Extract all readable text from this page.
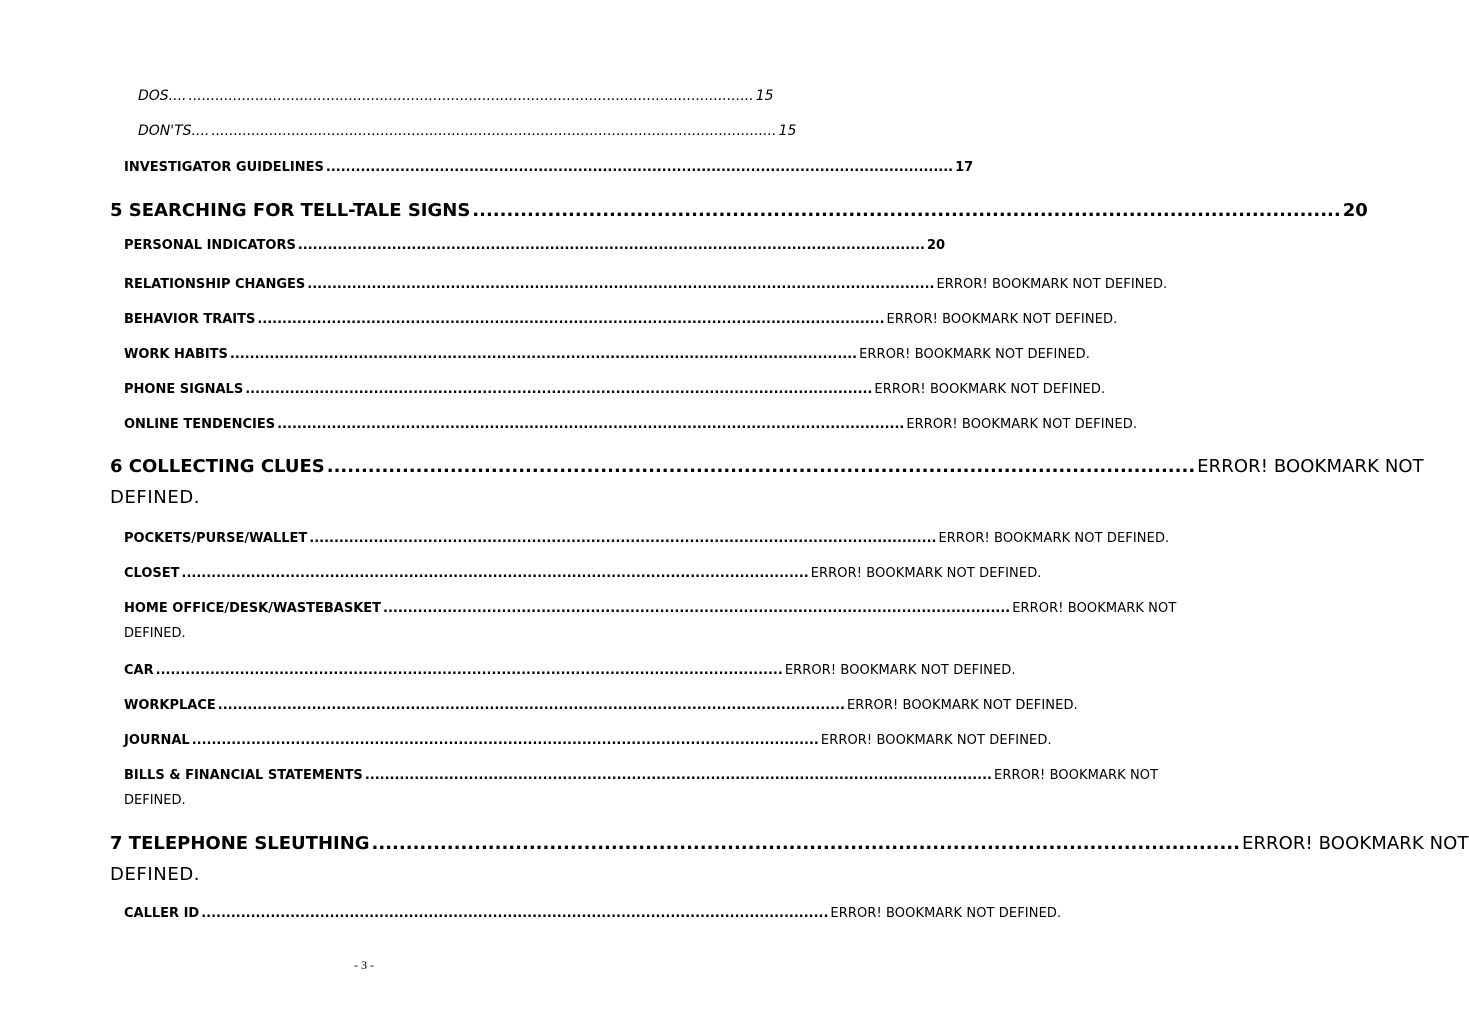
DOS.... ............................................................................................................................... 15
DON'TS.... ............................................................................................................................... 15
INVESTIGATOR GUIDELINES ............................................................................................................................... 17
5 SEARCHING FOR TELL-TALE SIGNS ............................................................................................................................... 20
PERSONAL INDICATORS ............................................................................................................................... 20
RELATIONSHIP CHANGES ............................................................................................................................... ERROR! BOOKMARK NOT DEFINED.
BEHAVIOR TRAITS ............................................................................................................................... ERROR! BOOKMARK NOT DEFINED.
WORK HABITS ............................................................................................................................... ERROR! BOOKMARK NOT DEFINED.
PHONE SIGNALS ............................................................................................................................... ERROR! BOOKMARK NOT DEFINED.
ONLINE TENDENCIES ............................................................................................................................... ERROR! BOOKMARK NOT DEFINED.
6 COLLECTING CLUES ............................................................................................................................... ERROR! BOOKMARK NOT
DEFINED.
POCKETS/PURSE/WALLET ............................................................................................................................... ERROR! BOOKMARK NOT DEFINED.
CLOSET ............................................................................................................................... ERROR! BOOKMARK NOT DEFINED.
HOME OFFICE/DESK/WASTEBASKET ............................................................................................................................... ERROR! BOOKMARK NOT
DEFINED.
CAR ............................................................................................................................... ERROR! BOOKMARK NOT DEFINED.
WORKPLACE ............................................................................................................................... ERROR! BOOKMARK NOT DEFINED.
JOURNAL ............................................................................................................................... ERROR! BOOKMARK NOT DEFINED.
BILLS & FINANCIAL STATEMENTS ............................................................................................................................... ERROR! BOOKMARK NOT
DEFINED.
7 TELEPHONE SLEUTHING ............................................................................................................................... ERROR! BOOKMARK NOT
DEFINED.
CALLER ID ............................................................................................................................... ERROR! BOOKMARK NOT DEFINED.
- 3 -
